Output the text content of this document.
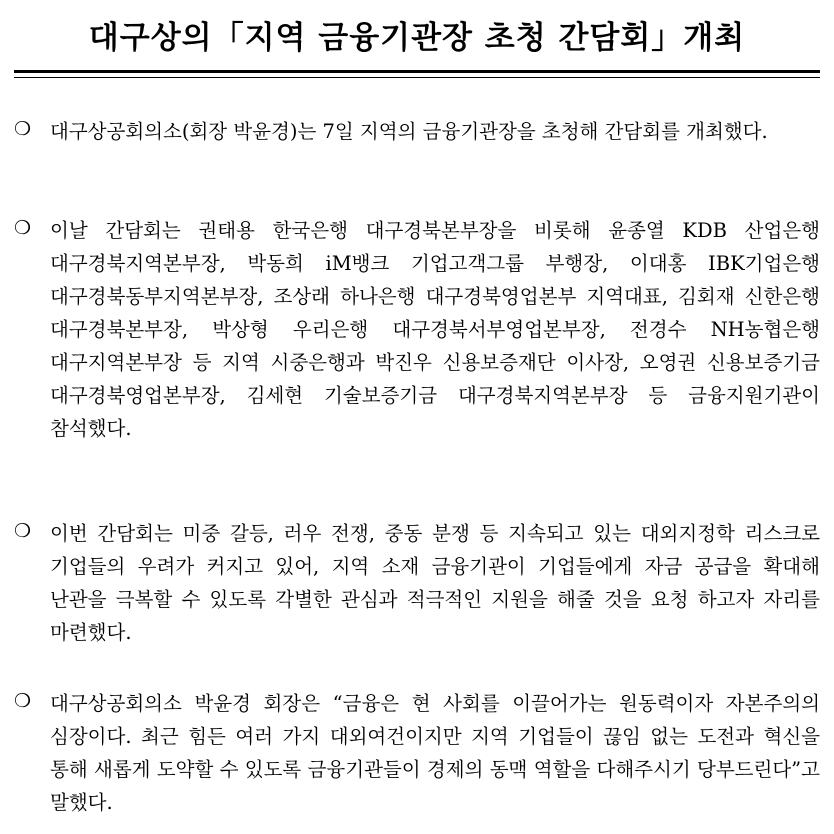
대구상의「지역 금융기관장 초청 간담회」개최
❍ 대구상공회의소(회장 박윤경)는 7일 지역의 금융기관장을 초청해 간담회를 개최했다.
❍ 이날 간담회는 권태용 한국은행 대구경북본부장을 비롯해 윤종열 KDB 산업은행 대구경북지역본부장, 박동희 iM뱅크 기업고객그룹 부행장, 이대홍 IBK기업은행 대구경북동부지역본부장, 조상래 하나은행 대구경북영업본부 지역대표, 김회재 신한은행 대구경북본부장, 박상형 우리은행 대구경북서부영업본부장, 전경수 NH농협은행 대구지역본부장 등 지역 시중은행과 박진우 신용보증재단 이사장, 오영권 신용보증기금 대구경북영업본부장, 김세현 기술보증기금 대구경북지역본부장 등 금융지원기관이 참석했다.
❍ 이번 간담회는 미중 갈등, 러우 전쟁, 중동 분쟁 등 지속되고 있는 대외지정학 리스크로 기업들의 우려가 커지고 있어, 지역 소재 금융기관이 기업들에게 자금 공급을 확대해 난관을 극복할 수 있도록 각별한 관심과 적극적인 지원을 해줄 것을 요청 하고자 자리를 마련했다.
❍ 대구상공회의소 박윤경 회장은 “금융은 현 사회를 이끌어가는 원동력이자 자본주의의 심장이다. 최근 힘든 여러 가지 대외여건이지만 지역 기업들이 끊임 없는 도전과 혁신을 통해 새롭게 도약할 수 있도록 금융기관들이 경제의 동맥 역할을 다해주시기 당부드린다”고 말했다.
